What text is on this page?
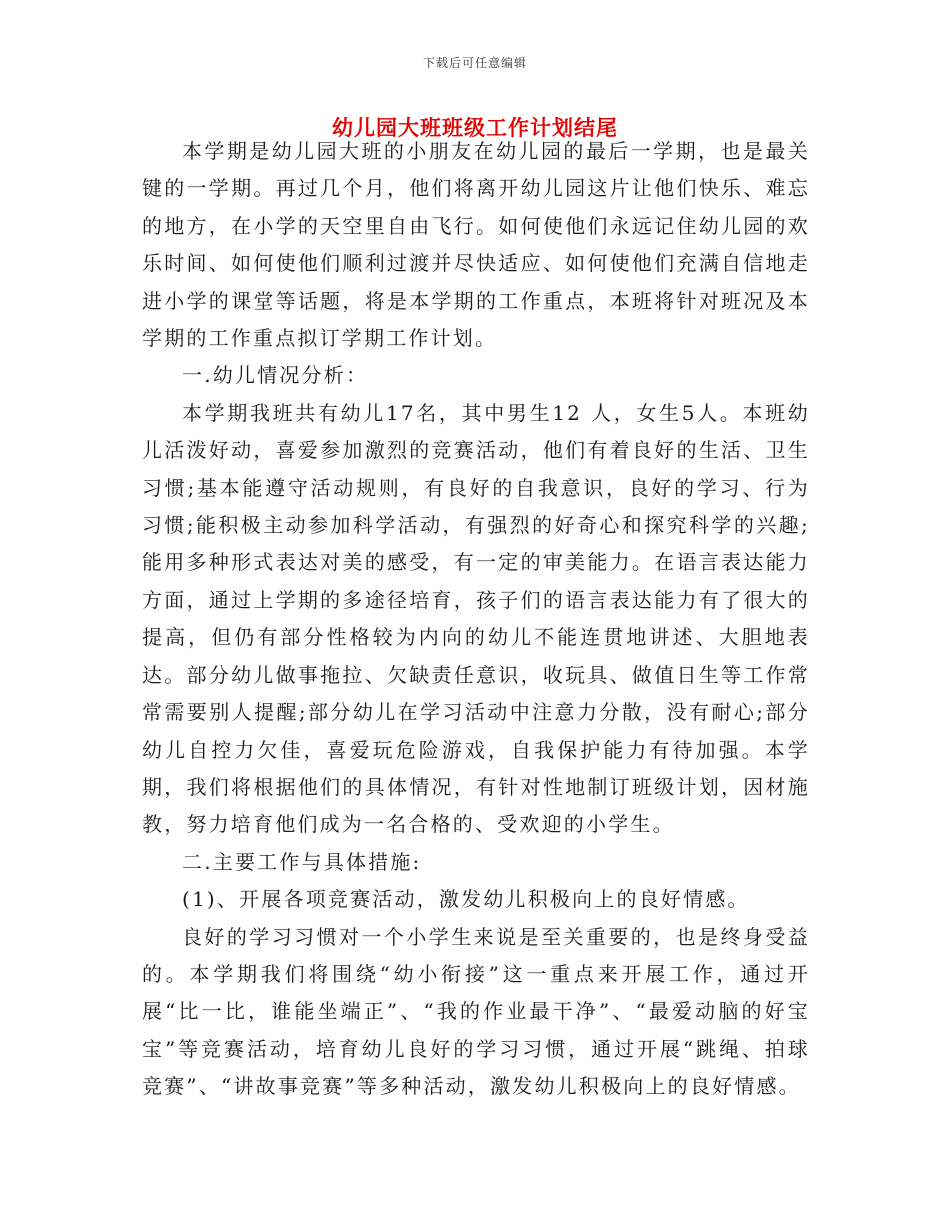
下载后可任意编辑
幼儿园大班班级工作计划结尾

本学期是幼儿园大班的小朋友在幼儿园的最后一学期，也是最关键的一学期。再过几个月，他们将离开幼儿园这片让他们快乐、难忘的地方，在小学的天空里自由飞行。如何使他们永远记住幼儿园的欢乐时间、如何使他们顺利过渡并尽快适应、如何使他们充满自信地走进小学的课堂等话题，将是本学期的工作重点，本班将针对班况及本学期的工作重点拟订学期工作计划。

一.幼儿情况分析：

本学期我班共有幼儿17名，其中男生12 人，女生5人。本班幼儿活泼好动，喜爱参加激烈的竞赛活动，他们有着良好的生活、卫生习惯;基本能遵守活动规则，有良好的自我意识，良好的学习、行为习惯;能积极主动参加科学活动，有强烈的好奇心和探究科学的兴趣;能用多种形式表达对美的感受，有一定的审美能力。在语言表达能力方面，通过上学期的多途径培育，孩子们的语言表达能力有了很大的提高，但仍有部分性格较为内向的幼儿不能连贯地讲述、大胆地表达。部分幼儿做事拖拉、欠缺责任意识，收玩具、做值日生等工作常常需要别人提醒;部分幼儿在学习活动中注意力分散，没有耐心;部分幼儿自控力欠佳，喜爱玩危险游戏，自我保护能力有待加强。本学期，我们将根据他们的具体情况，有针对性地制订班级计划，因材施教，努力培育他们成为一名合格的、受欢迎的小学生。

二.主要工作与具体措施:

(1)、开展各项竞赛活动，激发幼儿积极向上的良好情感。

良好的学习习惯对一个小学生来说是至关重要的，也是终身受益的。本学期我们将围绕“幼小衔接”这一重点来开展工作，通过开展“比一比，谁能坐端正”、“我的作业最干净”、“最爱动脑的好宝宝”等竞赛活动，培育幼儿良好的学习习惯，通过开展“跳绳、拍球竞赛”、“讲故事竞赛”等多种活动，激发幼儿积极向上的良好情感。
